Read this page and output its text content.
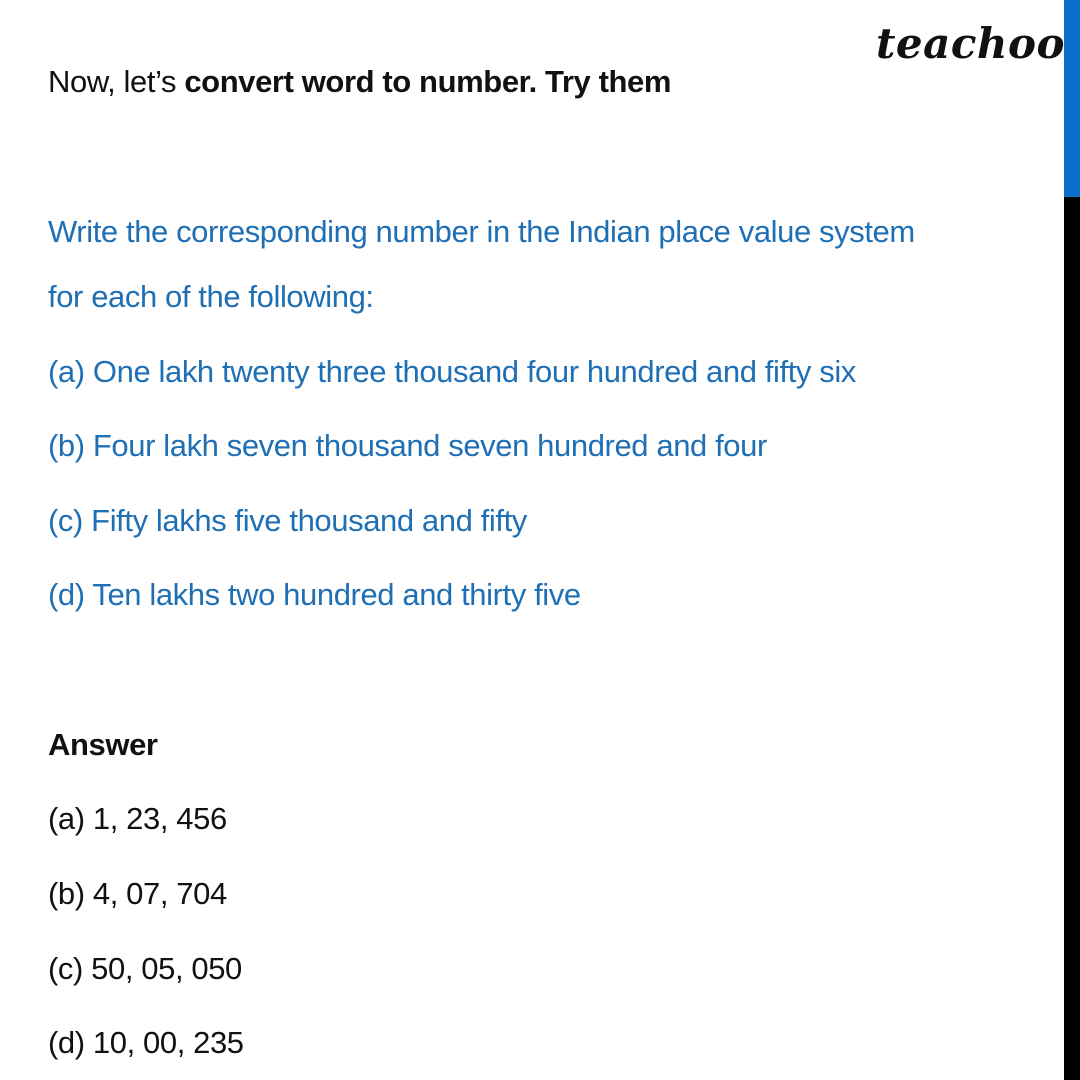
teachoo
Now, let’s convert word to number. Try them
Write the corresponding number in the Indian place value system
for each of the following:
(a) One lakh twenty three thousand four hundred and fifty six
(b) Four lakh seven thousand seven hundred and four
(c) Fifty lakhs five thousand and fifty
(d) Ten lakhs two hundred and thirty five
Answer
(a) 1, 23, 456
(b) 4, 07, 704
(c) 50, 05, 050
(d) 10, 00, 235
